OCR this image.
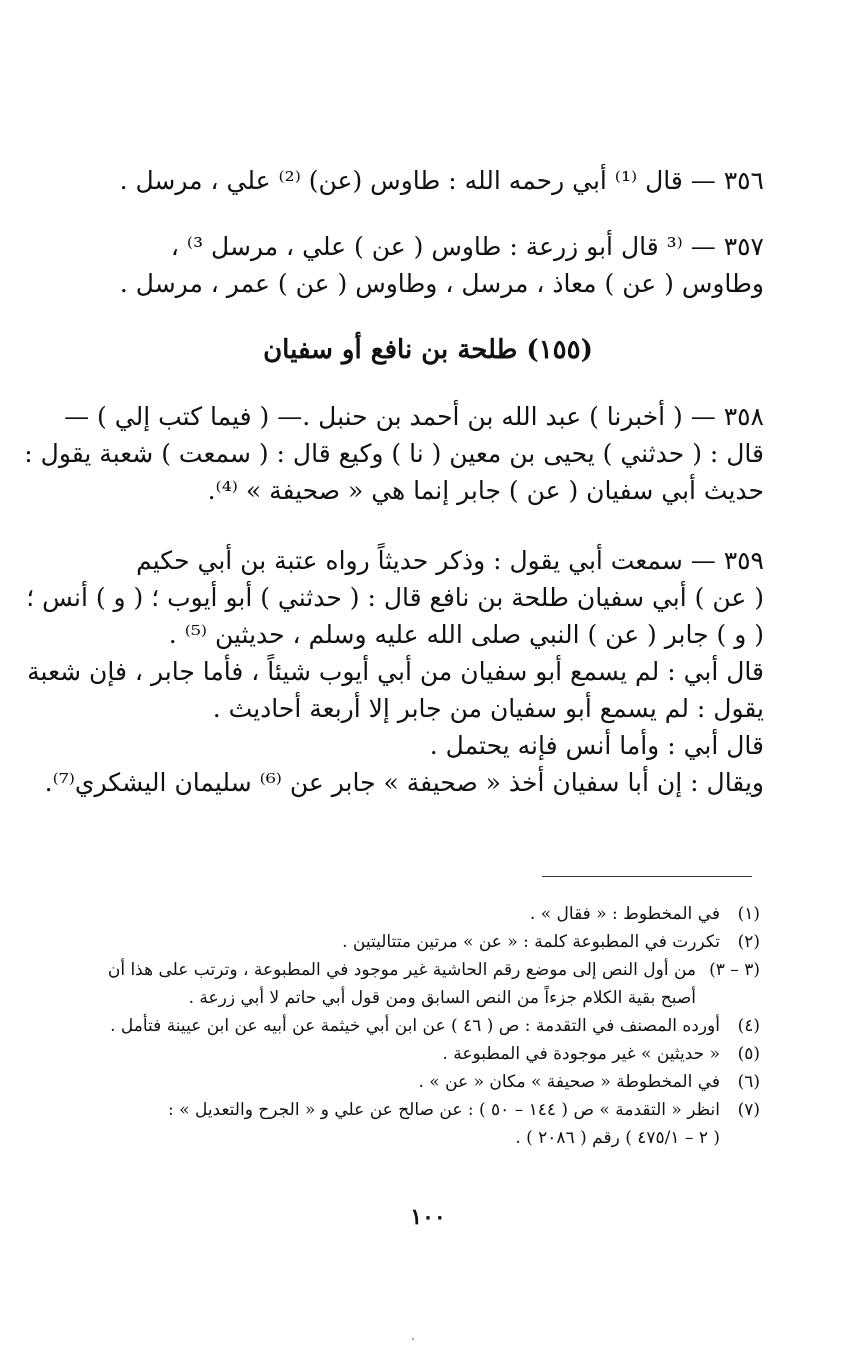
٣٥٦ — قال ⁽¹⁾ أبي رحمه الله : طاوس (عن) ⁽²⁾ علي ، مرسل .
٣٥٧ — ⁽³ قال أبو زرعة : طاوس ( عن ) علي ، مرسل ³⁾ ،
وطاوس ( عن ) معاذ ، مرسل ، وطاوس ( عن ) عمر ، مرسل .
(١٥٥) طلحة بن نافع أو سفيان
٣٥٨ — ( أخبرنا ) عبد الله بن أحمد بن حنبل .— ( فيما كتب إلي ) —
قال : ( حدثني ) يحيى بن معين ( نا ) وكيع قال : ( سمعت ) شعبة يقول :
حديث أبي سفيان ( عن ) جابر إنما هي « صحيفة » ⁽⁴⁾.
٣٥٩ — سمعت أبي يقول : وذكر حديثاً رواه عتبة بن أبي حكيم
( عن ) أبي سفيان طلحة بن نافع قال : ( حدثني ) أبو أيوب ؛ ( و ) أنس ؛
( و ) جابر ( عن ) النبي صلى الله عليه وسلم ، حديثين ⁽⁵⁾ .
قال أبي : لم يسمع أبو سفيان من أبي أيوب شيئاً ، فأما جابر ، فإن شعبة
يقول : لم يسمع أبو سفيان من جابر إلا أربعة أحاديث .
قال أبي : وأما أنس فإنه يحتمل .
ويقال : إن أبا سفيان أخذ « صحيفة » جابر عن ⁽⁶⁾ سليمان اليشكري⁽⁷⁾.
(١)
في المخطوط : « فقال » .
(٢)
تكررت في المطبوعة كلمة : « عن » مرتين متتاليتين .
(٣ – ٣)
من أول النص إلى موضع رقم الحاشية غير موجود في المطبوعة ، وترتب على هذا أن
أصبح بقية الكلام جزءاً من النص السابق ومن قول أبي حاتم لا أبي زرعة .
(٤)
أورده المصنف في التقدمة : ص ( ٤٦ ) عن ابن أبي خيثمة عن أبيه عن ابن عيينة فتأمل .
(٥)
« حديثين » غير موجودة في المطبوعة .
(٦)
في المخطوطة « صحيفة » مكان « عن » .
(٧)
انظر « التقدمة » ص ( ١٤٤ – ٥٠ ) : عن صالح عن علي و « الجرح والتعديل » :
( ٢ – ٤٧٥/١ ) رقم ( ٢٠٨٦ ) .
١٠٠
